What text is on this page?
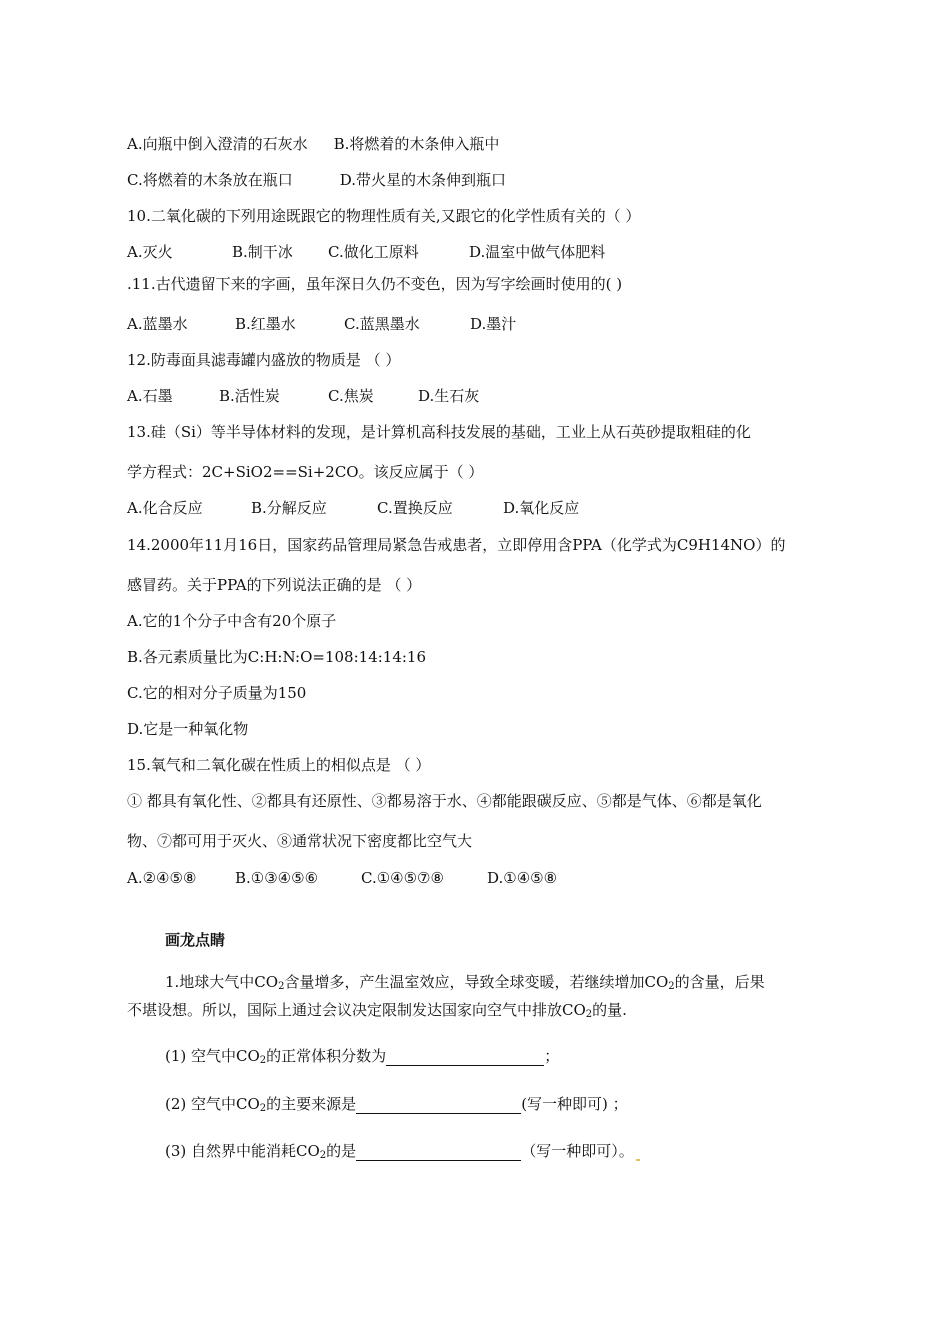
A.向瓶中倒入澄清的石灰水 B.将燃着的木条伸入瓶中
C.将燃着的木条放在瓶口	D.带火星的木条伸到瓶口
10.二氧化碳的下列用途既跟它的物理性质有关,又跟它的化学性质有关的（ ）
A.灭火	B.制干冰 C.做化工原料	D.温室中做气体肥料
.11.古代遗留下来的字画，虽年深日久仍不变色，因为写字绘画时使用的( )
A.蓝墨水	B.红墨水	C.蓝黑墨水	D.墨汁
12.防毒面具滤毒罐内盛放的物质是 （ ）
A.石墨	B.活性炭	C.焦炭	D.生石灰
13.硅（Si）等半导体材料的发现，是计算机高科技发展的基础，工业上从石英砂提取粗硅的化
学方程式：2C+SiO2==Si+2CO。该反应属于（ ）
A.化合反应	B.分解反应	C.置换反应	D.氧化反应
14.2000年11月16日，国家药品管理局紧急告戒患者，立即停用含PPA（化学式为C9H14NO）的
感冒药。关于PPA的下列说法正确的是 （ ）
A.它的1个分子中含有20个原子
B.各元素质量比为C:H:N:O=108:14:14:16
C.它的相对分子质量为150
D.它是一种氧化物
15.氧气和二氧化碳在性质上的相似点是 （ ）
① 都具有氧化性、②都具有还原性、③都易溶于水、④都能跟碳反应、⑤都是气体、⑥都是氧化
物、⑦都可用于灭火、⑧通常状况下密度都比空气大
A.②④⑤⑧	B.①③④⑤⑥	C.①④⑤⑦⑧	D.①④⑤⑧
画龙点睛
1.地球大气中$CO_2$含量增多，产生温室效应，导致全球变暖，若继续增加$CO_2$的含量，后果
不堪设想。所以，国际上通过会议决定限制发达国家向空气中排放$CO_2$的量.
(1) 空气中$CO_2$的正常体积分数为	；
(2) 空气中$CO_2$的主要来源是	(写一种即可) ；
(3) 自然界中能消耗$CO_2$的是	（写一种即可）。
